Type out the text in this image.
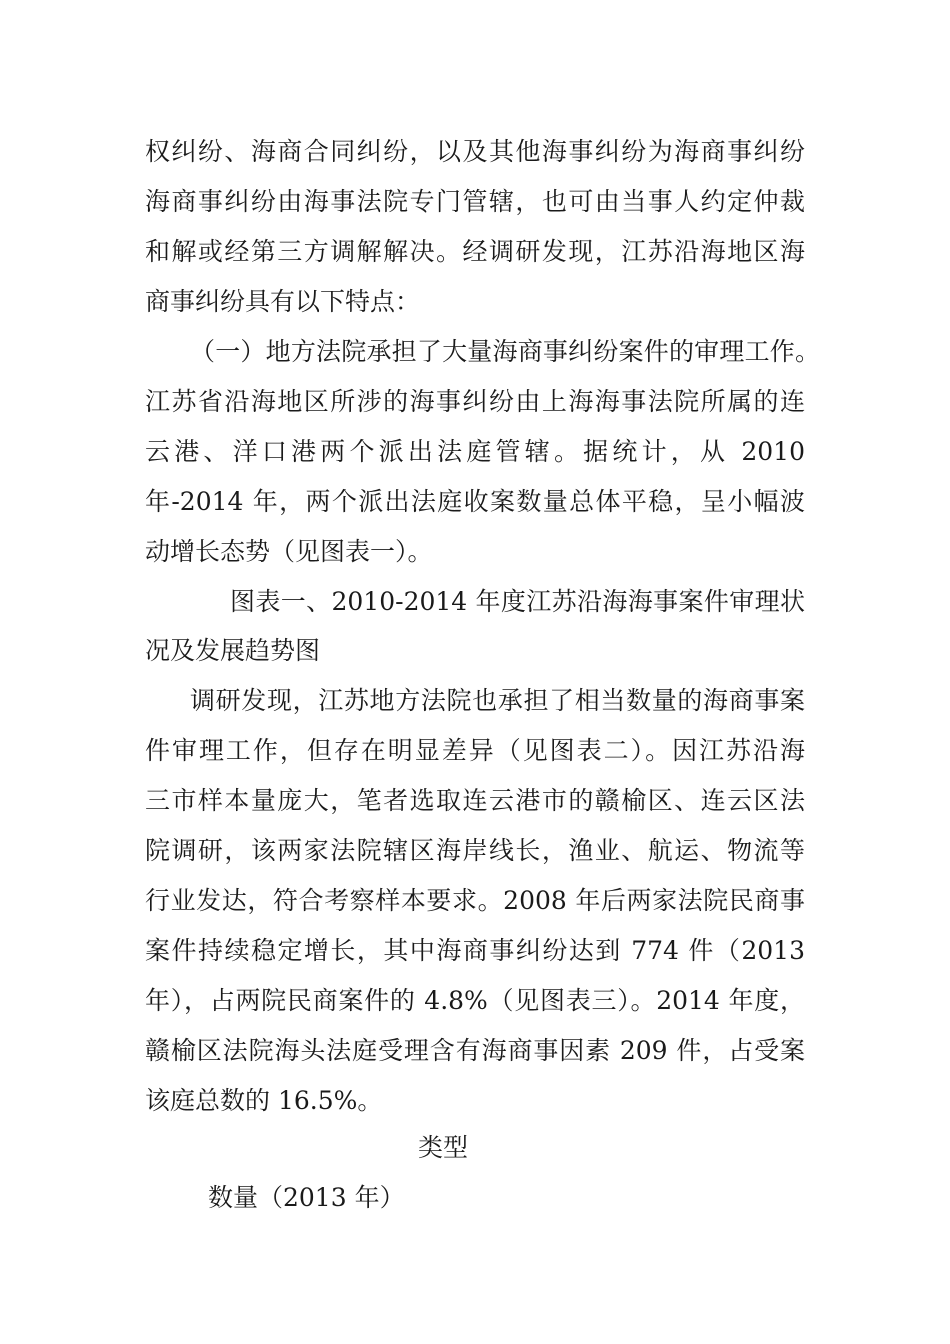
权纠纷、海商合同纠纷，以及其他海事纠纷为海商事纠纷
海商事纠纷由海事法院专门管辖，也可由当事人约定仲裁
和解或经第三方调解解决。经调研发现，江苏沿海地区海
商事纠纷具有以下特点：
（一）地方法院承担了大量海商事纠纷案件的审理工作。
江苏省沿海地区所涉的海事纠纷由上海海事法院所属的连
云港、洋口港两个派出法庭管辖。据统计，从 2010
年-2014 年，两个派出法庭收案数量总体平稳，呈小幅波
动增长态势（见图表一）。
图表一、2010-2014 年度江苏沿海海事案件审理状
况及发展趋势图
调研发现，江苏地方法院也承担了相当数量的海商事案
件审理工作，但存在明显差异（见图表二）。因江苏沿海
三市样本量庞大，笔者选取连云港市的赣榆区、连云区法
院调研，该两家法院辖区海岸线长，渔业、航运、物流等
行业发达，符合考察样本要求。2008 年后两家法院民商事
案件持续稳定增长，其中海商事纠纷达到 774 件（2013
年），占两院民商案件的 4.8%（见图表三）。2014 年度，
赣榆区法院海头法庭受理含有海商事因素 209 件，占受案
该庭总数的 16.5%。
类型
数量（2013 年）
